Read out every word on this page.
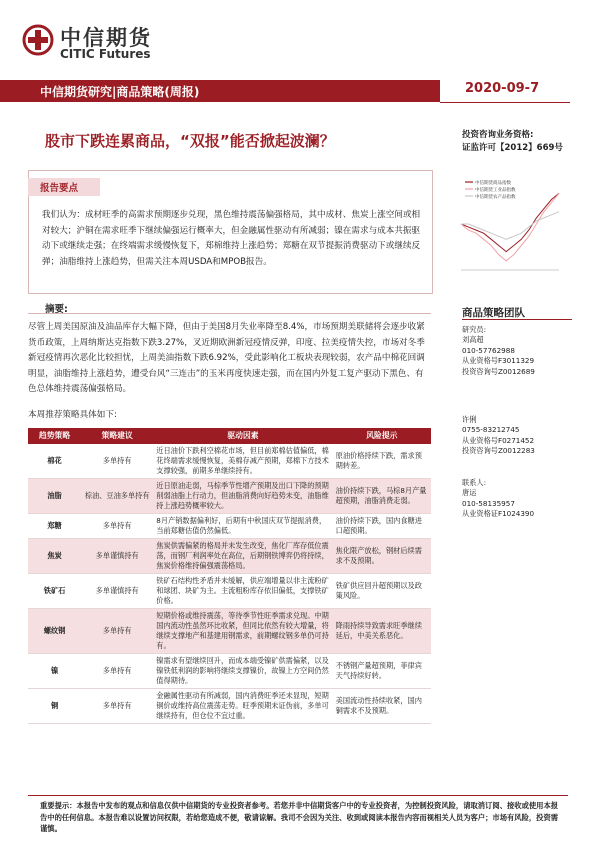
中信期货
CITIC Futures
中信期货研究|商品策略(周报)	2020-09-7
股市下跌连累商品，“双报”能否掀起波澜？	投资咨询业务资格:
证监许可【2012】669号
报告要点
我们认为：成材旺季的高需求预期逐步兑现，黑色维持震荡偏强格局，其中成材、焦炭上涨空间或相对较大；沪铜在需求旺季下继续偏强运行概率大，但金融属性驱动有所减弱；镍在需求与成本共振驱动下或继续走强；在终端需求缓慢恢复下，郑棉维持上涨趋势；郑糖在双节提振消费驱动下或继续反弹；油脂维持上涨趋势，但需关注本周USDA和MPOB报告。
摘要:
尽管上周美国原油及油品库存大幅下降，但由于美国8月失业率降至8.4%，市场预期美联储将会逐步收紧货币政策，上周纳斯达克指数下跌3.27%，叉近期欧洲新冠疫情反弹，印度、拉美疫情失控，市场对冬季新冠疫情再次恶化比较担忧，上周美油指数下跌6.92%，受此影响化工板块表现较弱，农产品中棉花回调明显，油脂维持上涨趋势，遭受台风“三连击”的玉米再度快速走强，而在国内外复工复产驱动下黑色、有色总体维持震荡偏强格局。
本周推荐策略具体如下:
趋势策略	策略建议	驱动因素	风险提示
棉花	多单持有	近日油价下跌利空棉花市场，但目前郑棉估值偏低，棉花终端需求缓慢恢复，美棉存减产预期，郑棉下方技术支撑较强，前期多单继续持有。	原油价格持续下跌，需求预期转差。
油脂	棕油、豆油多单持有	近日原油走弱，马棕季节性增产预期及出口下降的预期削弱油脂上行动力，但油脂消费向好趋势未变，油脂维持上涨趋势概率较大。	油价持续下跌，马棕8月产量超预期，油脂消费走弱。
郑糖	多单持有	8月产销数据偏利好，后期有中秋国庆双节提振消费，当前郑糖估值仍然偏低。	油价持续下跌，国内食糖进口超预期。
焦炭	多单谨慎持有	焦炭供需偏紧的格局并未发生改变，焦化厂库存低位震荡，而钢厂利润率处在高位，后期钢铁博弈仍将持续，焦炭价格维持偏强震荡格局。	焦化限产放松，钢材后续需求不及预期。
铁矿石	多单谨慎持有	铁矿石结构性矛盾并未缓解，供应端增量以非主流粉矿和球团、块矿为主。主流粗粉库存依旧偏低，支撑铁矿价格。	铁矿供应回升超预期以及政策风险。
螺纹钢	多单持有	短期价格或维持震荡，等待季节性旺季需求兑现。中期国内流动性虽然环比收紧，但同比依然有较大增量，将继续支撑地产和基建用钢需求，前期螺纹钢多单仍可持有。	降雨持续导致需求旺季继续延后，中美关系恶化。
镍	多单持有	镍需求有望继续回升，而成本端受镍矿供需偏紧，以及镍铁低利润的影响将继续支撑镍价，故镍上方空间仍然值得期待。	不锈钢产量超预期，菲律宾天气持续好转。
铜	多单持有	金融属性驱动有所减弱，国内消费旺季还未显现，短期铜价或维持高位震荡走势。旺季预期未证伪前，多单可继续持有，但仓位不宜过重。	美国流动性持续收紧，国内铜需求不及预期。
中信期货商品指数
中信期货工业品指数
中信期货农产品指数
商品策略团队
研究员:
刘高超
010-57762988
从业资格号F3011329
投资咨询号Z0012689
许俐
0755-83212745
从业资格号F0271452
投资咨询号Z0012283
联系人:
唐运
010-58135957
从业资格证F1024390
重要提示：本报告中发布的观点和信息仅供中信期货的专业投资者参考。若您并非中信期货客户中的专业投资者，为控制投资风险，请取消订阅、接收或使用本报告中的任何信息。本报告难以设置访问权限，若给您造成不便，敬请谅解。我司不会因为关注、收到或阅读本报告内容而视相关人员为客户；市场有风险，投资需谨慎。
